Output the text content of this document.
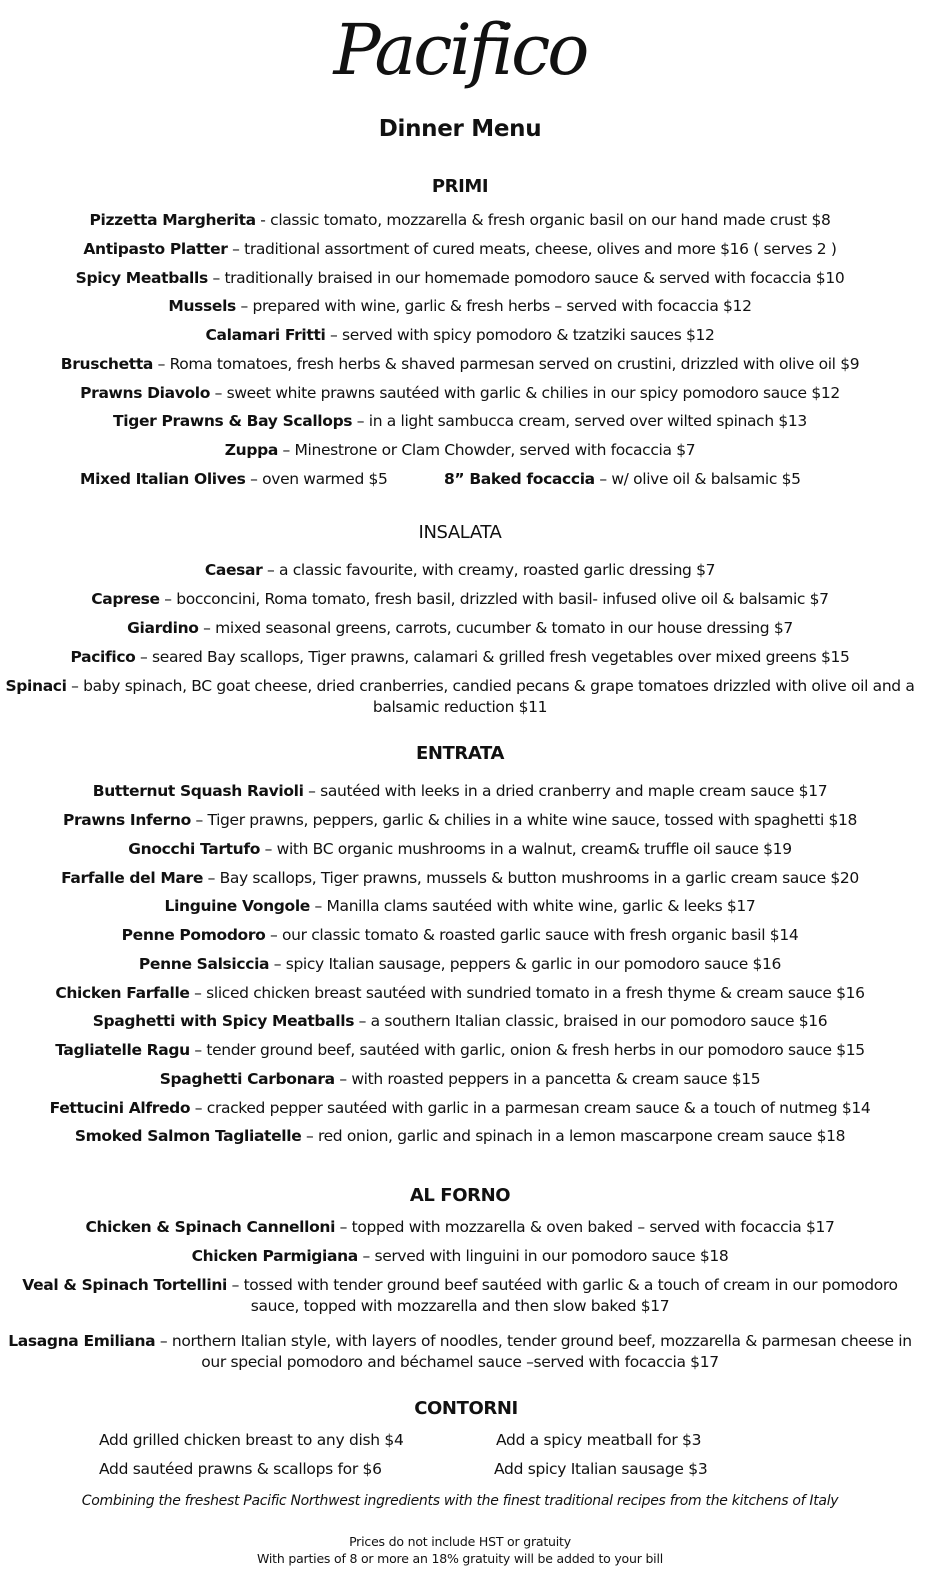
Pacifico
Dinner Menu
PRIMI
Pizzetta Margherita - classic tomato, mozzarella & fresh organic basil on our hand made crust $8
Antipasto Platter – traditional assortment of cured meats, cheese, olives and more $16 ( serves 2 )
Spicy Meatballs – traditionally braised in our homemade pomodoro sauce & served with focaccia $10
Mussels – prepared with wine, garlic & fresh herbs – served with focaccia $12
Calamari Fritti – served with spicy pomodoro & tzatziki sauces $12
Bruschetta – Roma tomatoes, fresh herbs & shaved parmesan served on crustini, drizzled with olive oil $9
Prawns Diavolo – sweet white prawns sautéed with garlic & chilies in our spicy pomodoro sauce $12
Tiger Prawns & Bay Scallops – in a light sambucca cream, served over wilted spinach $13
Zuppa – Minestrone or Clam Chowder, served with focaccia $7
Mixed Italian Olives – oven warmed $5	8” Baked focaccia – w/ olive oil & balsamic $5
INSALATA
Caesar – a classic favourite, with creamy, roasted garlic dressing $7
Caprese – bocconcini, Roma tomato, fresh basil, drizzled with basil- infused olive oil & balsamic $7
Giardino – mixed seasonal greens, carrots, cucumber & tomato in our house dressing $7
Pacifico – seared Bay scallops, Tiger prawns, calamari & grilled fresh vegetables over mixed greens $15
Spinaci – baby spinach, BC goat cheese, dried cranberries, candied pecans & grape tomatoes drizzled with olive oil and a balsamic reduction $11
ENTRATA
Butternut Squash Ravioli – sautéed with leeks in a dried cranberry and maple cream sauce $17
Prawns Inferno – Tiger prawns, peppers, garlic & chilies in a white wine sauce, tossed with spaghetti $18
Gnocchi Tartufo – with BC organic mushrooms in a walnut, cream& truffle oil sauce $19
Farfalle del Mare – Bay scallops, Tiger prawns, mussels & button mushrooms in a garlic cream sauce $20
Linguine Vongole – Manilla clams sautéed with white wine, garlic & leeks $17
Penne Pomodoro – our classic tomato & roasted garlic sauce with fresh organic basil $14
Penne Salsiccia – spicy Italian sausage, peppers & garlic in our pomodoro sauce $16
Chicken Farfalle – sliced chicken breast sautéed with sundried tomato in a fresh thyme & cream sauce $16
Spaghetti with Spicy Meatballs – a southern Italian classic, braised in our pomodoro sauce $16
Tagliatelle Ragu – tender ground beef, sautéed with garlic, onion & fresh herbs in our pomodoro sauce $15
Spaghetti Carbonara – with roasted peppers in a pancetta & cream sauce $15
Fettucini Alfredo – cracked pepper sautéed with garlic in a parmesan cream sauce & a touch of nutmeg $14
Smoked Salmon Tagliatelle – red onion, garlic and spinach in a lemon mascarpone cream sauce $18
AL FORNO
Chicken & Spinach Cannelloni – topped with mozzarella & oven baked – served with focaccia $17
Chicken Parmigiana – served with linguini in our pomodoro sauce $18
Veal & Spinach Tortellini – tossed with tender ground beef sautéed with garlic & a touch of cream in our pomodoro sauce, topped with mozzarella and then slow baked $17
Lasagna Emiliana – northern Italian style, with layers of noodles, tender ground beef, mozzarella & parmesan cheese in our special pomodoro and béchamel sauce –served with focaccia $17
CONTORNI
Add grilled chicken breast to any dish $4	Add a spicy meatball for $3
Add sautéed prawns & scallops for $6	Add spicy Italian sausage $3
Combining the freshest Pacific Northwest ingredients with the finest traditional recipes from the kitchens of Italy
Prices do not include HST or gratuity
With parties of 8 or more an 18% gratuity will be added to your bill
